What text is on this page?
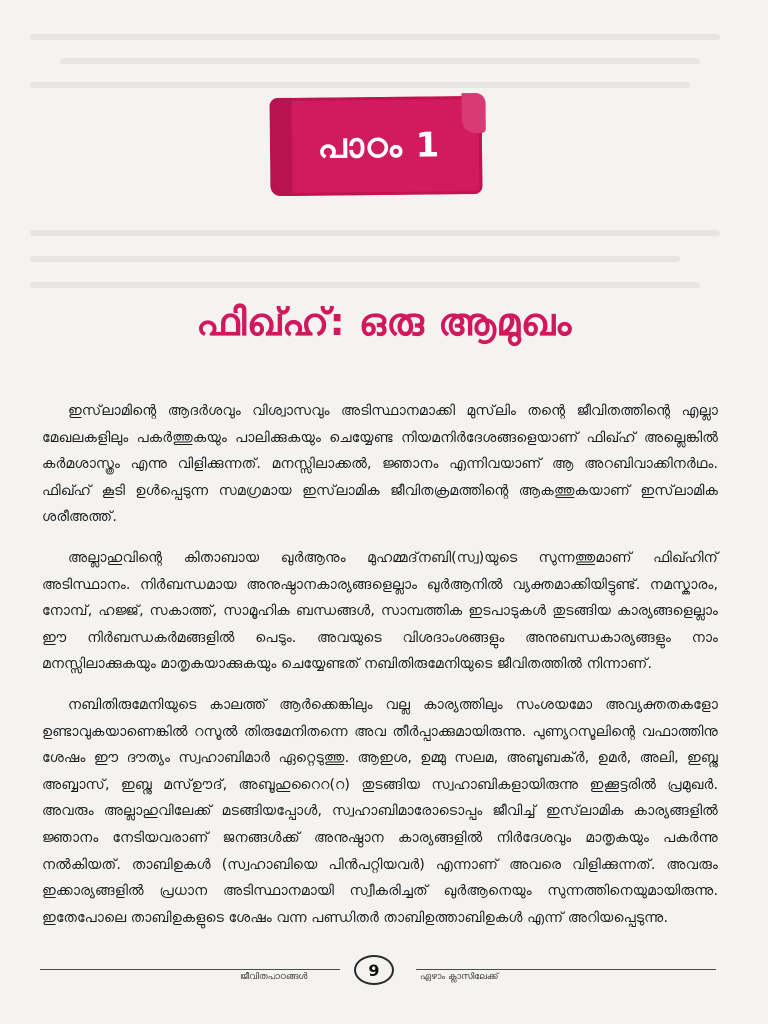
പാഠം 1
ഫിഖ്ഹ്: ഒരു ആമുഖം

ഇസ്‌ലാമിന്റെ ആദർശവും വിശ്വാസവും അടിസ്ഥാനമാക്കി മുസ്‌ലിം തന്റെ ജീവിതത്തിന്റെ എല്ലാ മേഖലകളിലും പകർത്തുകയും പാലിക്കുകയും ചെയ്യേണ്ട നിയമനിർദേശങ്ങളെയാണ് ഫിഖ്ഹ് അല്ലെങ്കിൽ കർമശാസ്ത്രം എന്നു വിളിക്കുന്നത്. മനസ്സിലാക്കൽ, ജ്ഞാനം എന്നിവയാണ് ആ അറബിവാക്കിനർഥം. ഫിഖ്ഹ് കൂടി ഉൾപ്പെടുന്ന സമഗ്രമായ ഇസ്‌ലാമിക ജീവിതക്രമത്തിന്റെ ആകത്തുകയാണ് ഇസ്‌ലാമിക ശരീഅത്ത്.

അല്ലാഹുവിന്റെ കിതാബായ ഖുർആനും മുഹമ്മദ്‌നബി(സ്വ)യുടെ സുന്നത്തുമാണ് ഫിഖ്ഹിന് അടിസ്ഥാനം. നിർബന്ധമായ അനുഷ്ഠാനകാര്യങ്ങളെല്ലാം ഖുർആനിൽ വ്യക്തമാക്കിയിട്ടുണ്ട്. നമസ്കാരം, നോമ്പ്, ഹജ്ജ്, സകാത്ത്, സാമൂഹിക ബന്ധങ്ങൾ, സാമ്പത്തിക ഇടപാടുകൾ തുടങ്ങിയ കാര്യങ്ങളെല്ലാം ഈ നിർബന്ധകർമങ്ങളിൽ പെടും. അവയുടെ വിശദാംശങ്ങളും അനുബന്ധകാര്യങ്ങളും നാം മനസ്സിലാക്കുകയും മാതൃകയാക്കുകയും ചെയ്യേണ്ടത് നബിതിരുമേനിയുടെ ജീവിതത്തിൽ നിന്നാണ്.

നബിതിരുമേനിയുടെ കാലത്ത് ആർക്കെങ്കിലും വല്ല കാര്യത്തിലും സംശയമോ അവ്യക്തതകളോ ഉണ്ടാവുകയാണെങ്കിൽ റസൂൽ തിരുമേനിതന്നെ അവ തീർപ്പാക്കുമായിരുന്നു. പുണ്യറസൂലിന്റെ വഫാത്തിനു ശേഷം ഈ ദൗത്യം സ്വഹാബിമാർ ഏറ്റെടുത്തു. ആഇശ, ഉമ്മു സലമ, അബൂബക്ർ, ഉമർ, അലി, ഇബ്നു അബ്ബാസ്, ഇബ്നു മസ്ഊദ്, അബൂഹുറൈറ(റ) തുടങ്ങിയ സ്വഹാബികളായിരുന്നു ഇക്കൂട്ടരിൽ പ്രമുഖർ. അവരും അല്ലാഹുവിലേക്ക് മടങ്ങിയപ്പോൾ, സ്വഹാബിമാരോടൊപ്പം ജീവിച്ച് ഇസ്‌ലാമിക കാര്യങ്ങളിൽ ജ്ഞാനം നേടിയവരാണ് ജനങ്ങൾക്ക് അനുഷ്ഠാന കാര്യങ്ങളിൽ നിർദേശവും മാതൃകയും പകർന്നു നൽകിയത്. താബിഉകൾ (സ്വഹാബിയെ പിൻപറ്റിയവർ) എന്നാണ് അവരെ വിളിക്കുന്നത്. അവരും ഇക്കാര്യങ്ങളിൽ പ്രധാന അടിസ്ഥാനമായി സ്വീകരിച്ചത് ഖുർആനെയും സുന്നത്തിനെയുമായിരുന്നു. ഇതേപോലെ താബിഉകളുടെ ശേഷം വന്ന പണ്ഡിതർ താബിഉത്താബിഉകൾ എന്ന് അറിയപ്പെടുന്നു.

ജീവിതപാഠങ്ങൾ	9	ഏഴാം ക്ലാസിലേക്ക്
